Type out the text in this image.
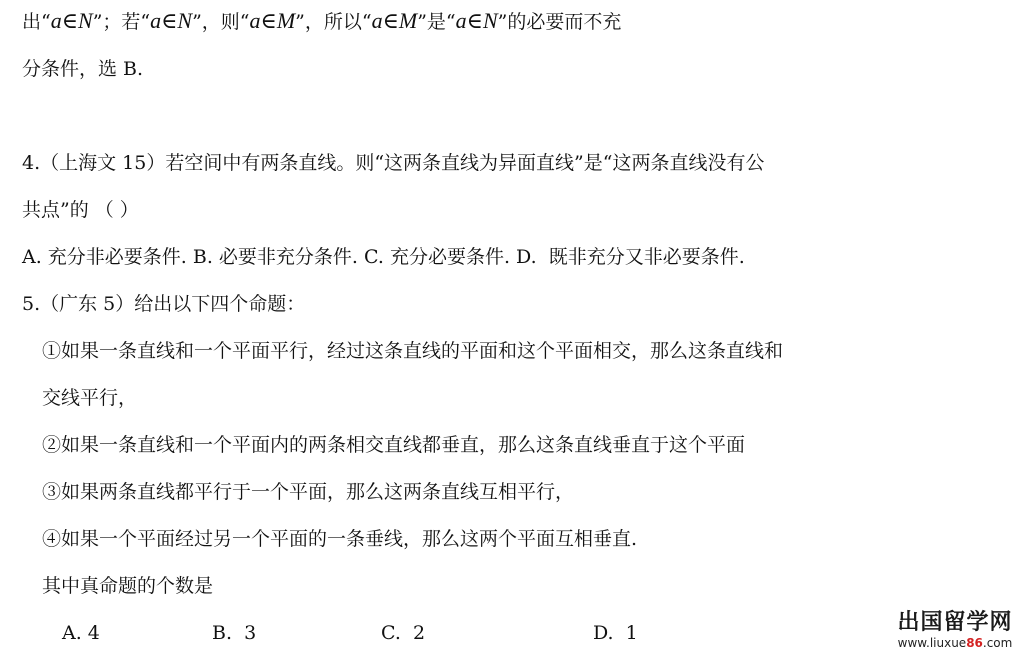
出“a∈N”；若“a∈N”，则“a∈M”，所以“a∈M”是“a∈N”的必要而不充
分条件，选 B.
4.（上海文 15）若空间中有两条直线。则“这两条直线为异面直线”是“这两条直线没有公
共点”的 （ ）
A. 充分非必要条件. B. 必要非充分条件. C. 充分必要条件. D.  既非充分又非必要条件.
5.（广东 5）给出以下四个命题：
①如果一条直线和一个平面平行，经过这条直线的平面和这个平面相交，那么这条直线和
交线平行，
②如果一条直线和一个平面内的两条相交直线都垂直，那么这条直线垂直于这个平面
③如果两条直线都平行于一个平面，那么这两条直线互相平行，
④如果一个平面经过另一个平面的一条垂线，那么这两个平面互相垂直.
其中真命题的个数是
A. 4	B.  3	C.  2	D.  1	出国留学网
www.liuxue86.com
